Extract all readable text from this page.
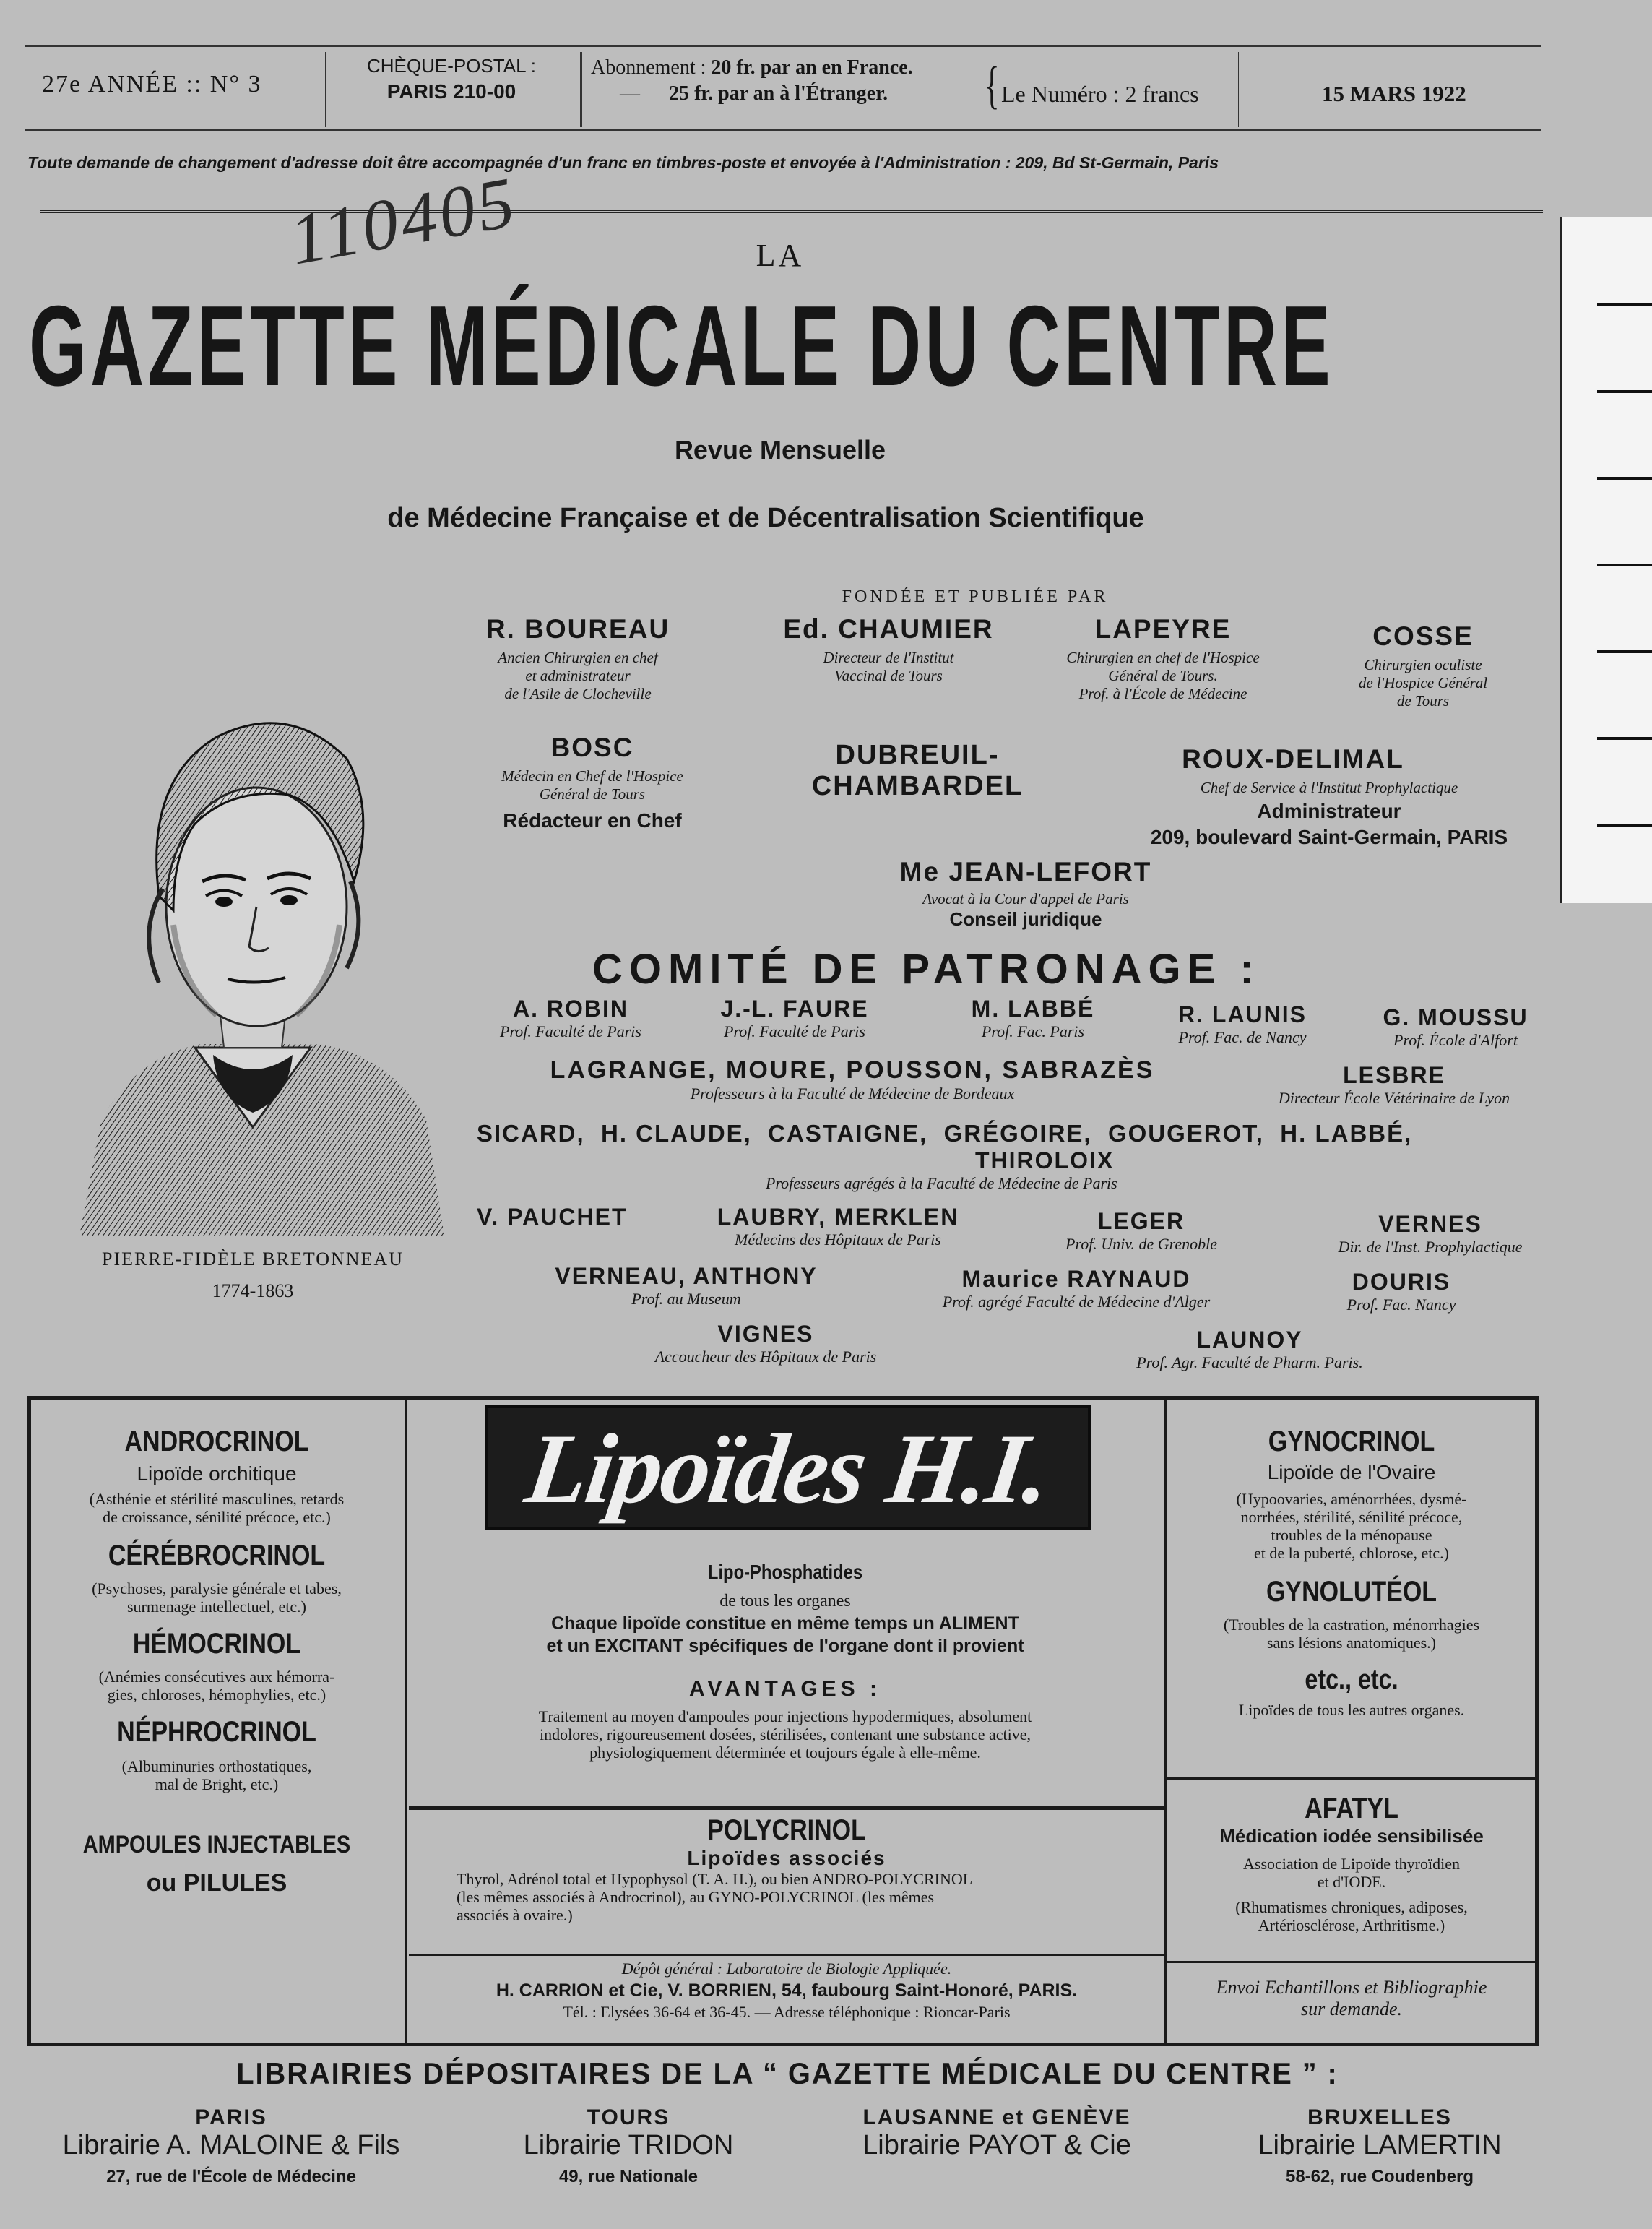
27e ANNÉE :: N° 3
CHÈQUE-POSTAL :
PARIS 210-00
Abonnement : 20 fr. par an en France.
— 25 fr. par an à l'Étranger.	{ Le Numéro : 2 francs	15 MARS 1922
Toute demande de changement d'adresse doit être accompagnée d'un franc en timbres-poste et envoyée à l'Administration : 209, Bd St-Germain, Paris
110405	LA
GAZETTE MÉDICALE DU CENTRE
Revue Mensuelle
de Médecine Française et de Décentralisation Scientifique
FONDÉE ET PUBLIÉE PAR
R. BOUREAU
Ancien Chirurgien en chef
et administrateur
de l'Asile de Clocheville
Ed. CHAUMIER
Directeur de l'Institut
Vaccinal de Tours
LAPEYRE
Chirurgien en chef de l'Hospice
Général de Tours.
Prof. à l'École de Médecine
COSSE
Chirurgien oculiste
de l'Hospice Général
de Tours
BOSC
Médecin en Chef de l'Hospice
Général de Tours
Rédacteur en Chef
DUBREUIL-CHAMBARDEL
ROUX-DELIMAL
Chef de Service à l'Institut Prophylactique
Administrateur
209, boulevard Saint-Germain, PARIS
Me JEAN-LEFORT
Avocat à la Cour d'appel de Paris
Conseil juridique
PIERRE-FIDÈLE BRETONNEAU
1774-1863
COMITÉ DE PATRONAGE :
A. ROBIN
Prof. Faculté de Paris
J.-L. FAURE
Prof. Faculté de Paris
M. LABBÉ
Prof. Fac. Paris
R. LAUNIS
Prof. Fac. de Nancy
G. MOUSSU
Prof. École d'Alfort
LAGRANGE, MOURE, POUSSON, SABRAZÈS
Professeurs à la Faculté de Médecine de Bordeaux
LESBRE
Directeur École Vétérinaire de Lyon
SICARD,  H. CLAUDE,  CASTAIGNE,  GRÉGOIRE,  GOUGEROT,  H. LABBÉ,
THIROLOIX
Professeurs agrégés à la Faculté de Médecine de Paris
V. PAUCHET	LAUBRY, MERKLEN
Médecins des Hôpitaux de Paris
LEGER
Prof. Univ. de Grenoble
VERNES
Dir. de l'Inst. Prophylactique
VERNEAU, ANTHONY
Prof. au Museum
Maurice RAYNAUD
Prof. agrégé Faculté de Médecine d'Alger
DOURIS
Prof. Fac. Nancy
VIGNES
Accoucheur des Hôpitaux de Paris
LAUNOY
Prof. Agr. Faculté de Pharm. Paris.
ANDROCRINOL
Lipoïde orchitique
(Asthénie et stérilité masculines, retards
de croissance, sénilité précoce, etc.)
CÉRÉBROCRINOL
(Psychoses, paralysie générale et tabes,
surmenage intellectuel, etc.)
HÉMOCRINOL
(Anémies consécutives aux hémorra-
gies, chloroses, hémophylies, etc.)
NÉPHROCRINOL
(Albuminuries orthostatiques,
mal de Bright, etc.)
AMPOULES INJECTABLES
ou PILULES
Lipoïdes H.I.
Lipo-Phosphatides
de tous les organes
Chaque lipoïde constitue en même temps un ALIMENT
et un EXCITANT spécifiques de l'organe dont il provient
AVANTAGES :
Traitement au moyen d'ampoules pour injections hypodermiques, absolument
indolores, rigoureusement dosées, stérilisées, contenant une substance active,
physiologiquement déterminée et toujours égale à elle-même.
POLYCRINOL
Lipoïdes associés
Thyrol, Adrénol total et Hypophysol (T. A. H.), ou bien ANDRO-POLYCRINOL
(les mêmes associés à Androcrinol), au GYNO-POLYCRINOL (les mêmes
associés à ovaire.)
Dépôt général : Laboratoire de Biologie Appliquée.
H. CARRION et Cie, V. BORRIEN, 54, faubourg Saint-Honoré, PARIS.
Tél. : Elysées 36-64 et 36-45. — Adresse téléphonique : Rioncar-Paris
GYNOCRINOL
Lipoïde de l'Ovaire
(Hypoovaries, aménorrhées, dysmé-
norrhées, stérilité, sénilité précoce,
troubles de la ménopause
et de la puberté, chlorose, etc.)
GYNOLUTÉOL
(Troubles de la castration, ménorrhagies
sans lésions anatomiques.)
etc., etc.
Lipoïdes de tous les autres organes.
AFATYL
Médication iodée sensibilisée
Association de Lipoïde thyroïdien
et d'IODE.
(Rhumatismes chroniques, adiposes,
Artériosclérose, Arthritisme.)
Envoi Echantillons et Bibliographie
sur demande.
LIBRAIRIES DÉPOSITAIRES DE LA “ GAZETTE MÉDICALE DU CENTRE ” :
PARIS
Librairie A. MALOINE & Fils
27, rue de l'École de Médecine
TOURS
Librairie TRIDON
49, rue Nationale
LAUSANNE et GENÈVE
Librairie PAYOT & Cie
BRUXELLES
Librairie LAMERTIN
58-62, rue Coudenberg
